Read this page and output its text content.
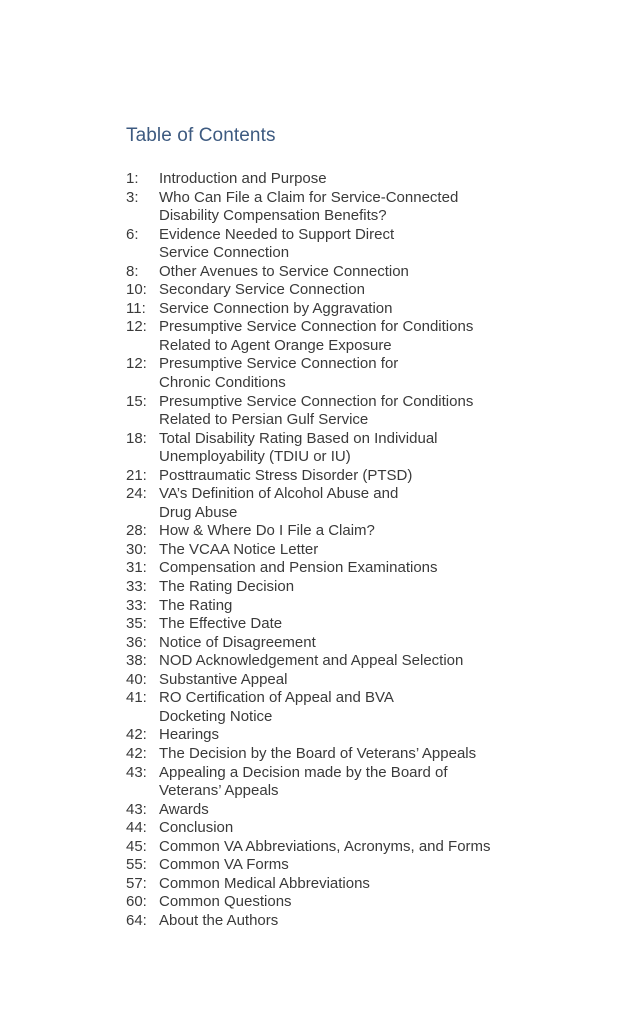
Table of Contents
1:	Introduction and Purpose
3:	Who Can File a Claim for Service-Connected
Disability Compensation Benefits?
6:	Evidence Needed to Support Direct
Service Connection
8:	Other Avenues to Service Connection
10: Secondary Service Connection
11: Service Connection by Aggravation
12: Presumptive Service Connection for Conditions
Related to Agent Orange Exposure
12: Presumptive Service Connection for
Chronic Conditions
15: Presumptive Service Connection for Conditions
Related to Persian Gulf Service
18: Total Disability Rating Based on Individual
Unemployability (TDIU or IU)
21: Posttraumatic Stress Disorder (PTSD)
24: VA’s Definition of Alcohol Abuse and
Drug Abuse
28: How & Where Do I File a Claim?
30: The VCAA Notice Letter
31: Compensation and Pension Examinations
33: The Rating Decision
33: The Rating
35: The Effective Date
36: Notice of Disagreement
38: NOD Acknowledgement and Appeal Selection
40: Substantive Appeal
41: RO Certification of Appeal and BVA
Docketing Notice
42: Hearings
42: The Decision by the Board of Veterans’ Appeals
43: Appealing a Decision made by the Board of
Veterans’ Appeals
43: Awards
44: Conclusion
45: Common VA Abbreviations, Acronyms, and Forms
55: Common VA Forms
57: Common Medical Abbreviations
60: Common Questions
64: About the Authors
